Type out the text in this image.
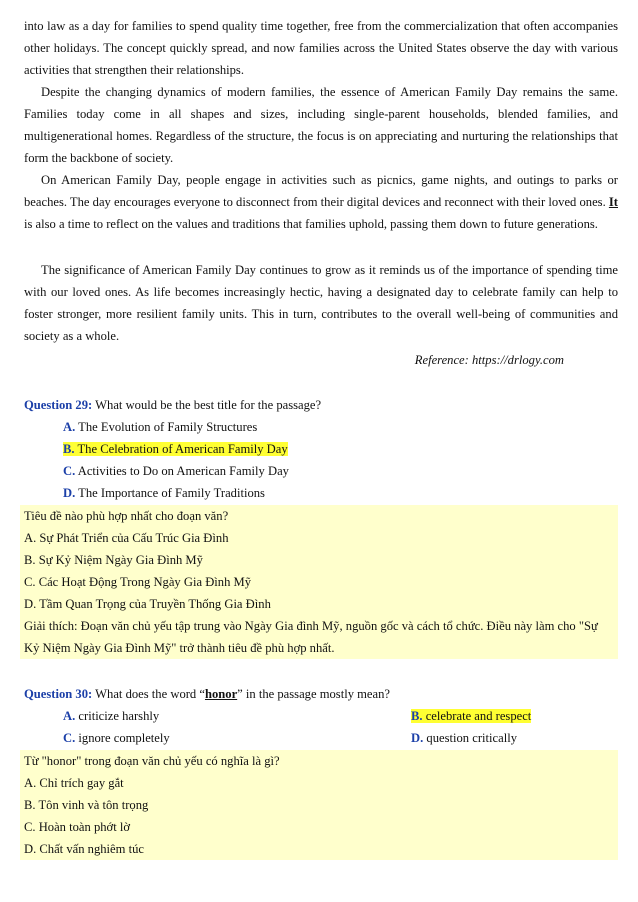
into law as a day for families to spend quality time together, free from the commercialization that often accompanies other holidays. The concept quickly spread, and now families across the United States observe the day with various activities that strengthen their relationships.

Despite the changing dynamics of modern families, the essence of American Family Day remains the same. Families today come in all shapes and sizes, including single-parent households, blended families, and multigenerational homes. Regardless of the structure, the focus is on appreciating and nurturing the relationships that form the backbone of society.

On American Family Day, people engage in activities such as picnics, game nights, and outings to parks or beaches. The day encourages everyone to disconnect from their digital devices and reconnect with their loved ones. It is also a time to reflect on the values and traditions that families uphold, passing them down to future generations.

The significance of American Family Day continues to grow as it reminds us of the importance of spending time with our loved ones. As life becomes increasingly hectic, having a designated day to celebrate family can help to foster stronger, more resilient family units. This in turn, contributes to the overall well-being of communities and society as a whole.

Reference: https://drlogy.com

Question 29: What would be the best title for the passage?

A. The Evolution of Family Structures

B. The Celebration of American Family Day

C. Activities to Do on American Family Day

D. The Importance of Family Traditions

Tiêu đề nào phù hợp nhất cho đoạn văn?
A. Sự Phát Triển của Cấu Trúc Gia Đình
B. Sự Kỷ Niệm Ngày Gia Đình Mỹ
C. Các Hoạt Động Trong Ngày Gia Đình Mỹ
D. Tầm Quan Trọng của Truyền Thống Gia Đình
Giải thích: Đoạn văn chủ yếu tập trung vào Ngày Gia đình Mỹ, nguồn gốc và cách tổ chức. Điều này làm cho "Sự
Kỷ Niệm Ngày Gia Đình Mỹ" trở thành tiêu đề phù hợp nhất.

Question 30: What does the word “honor” in the passage mostly mean?

A. criticize harshly	B. celebrate and respect

C. ignore completely	D. question critically

Từ "honor" trong đoạn văn chủ yếu có nghĩa là gì?
A. Chỉ trích gay gắt
B. Tôn vinh và tôn trọng
C. Hoàn toàn phớt lờ
D. Chất vấn nghiêm túc
